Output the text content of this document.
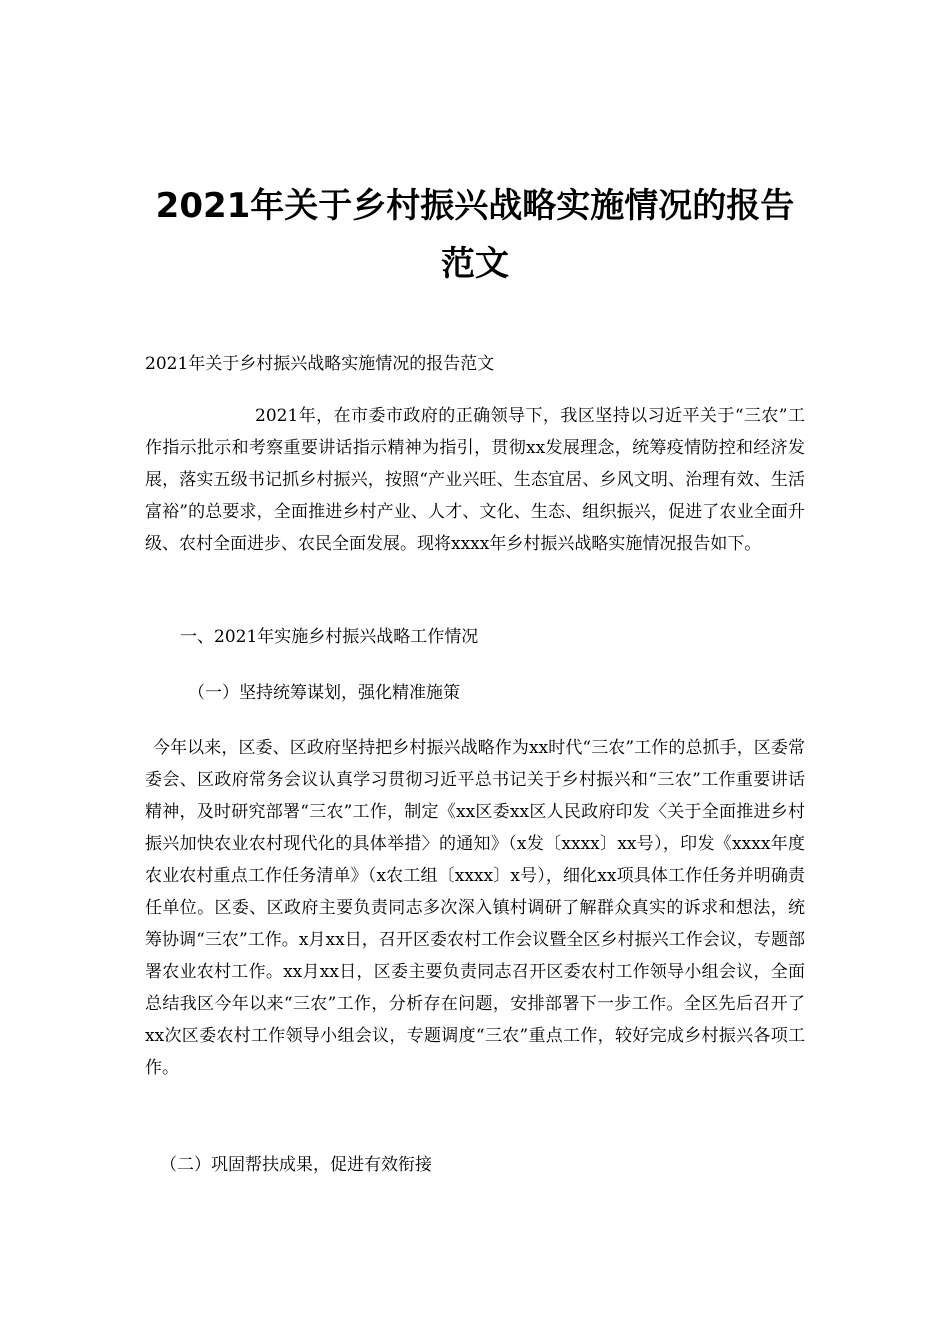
2021年关于乡村振兴战略实施情况的报告
范文

2021年关于乡村振兴战略实施情况的报告范文

2021年，在市委市政府的正确领导下，我区坚持以习近平关于“三农”工作指示批示和考察重要讲话指示精神为指引，贯彻xx发展理念，统筹疫情防控和经济发展，落实五级书记抓乡村振兴，按照“产业兴旺、生态宜居、乡风文明、治理有效、生活富裕”的总要求，全面推进乡村产业、人才、文化、生态、组织振兴，促进了农业全面升级、农村全面进步、农民全面发展。现将xxxx年乡村振兴战略实施情况报告如下。

一、2021年实施乡村振兴战略工作情况

（一）坚持统筹谋划，强化精准施策

今年以来，区委、区政府坚持把乡村振兴战略作为xx时代“三农”工作的总抓手，区委常委会、区政府常务会议认真学习贯彻习近平总书记关于乡村振兴和“三农”工作重要讲话精神，及时研究部署“三农”工作，制定《xx区委xx区人民政府印发〈关于全面推进乡村振兴加快农业农村现代化的具体举措〉的通知》（x发〔xxxx〕xx号），印发《xxxx年度农业农村重点工作任务清单》（x农工组〔xxxx〕x号），细化xx项具体工作任务并明确责任单位。区委、区政府主要负责同志多次深入镇村调研了解群众真实的诉求和想法，统筹协调“三农”工作。x月xx日，召开区委农村工作会议暨全区乡村振兴工作会议，专题部署农业农村工作。xx月xx日，区委主要负责同志召开区委农村工作领导小组会议，全面总结我区今年以来“三农”工作，分析存在问题，安排部署下一步工作。全区先后召开了xx次区委农村工作领导小组会议，专题调度“三农”重点工作，较好完成乡村振兴各项工作。

（二）巩固帮扶成果，促进有效衔接
